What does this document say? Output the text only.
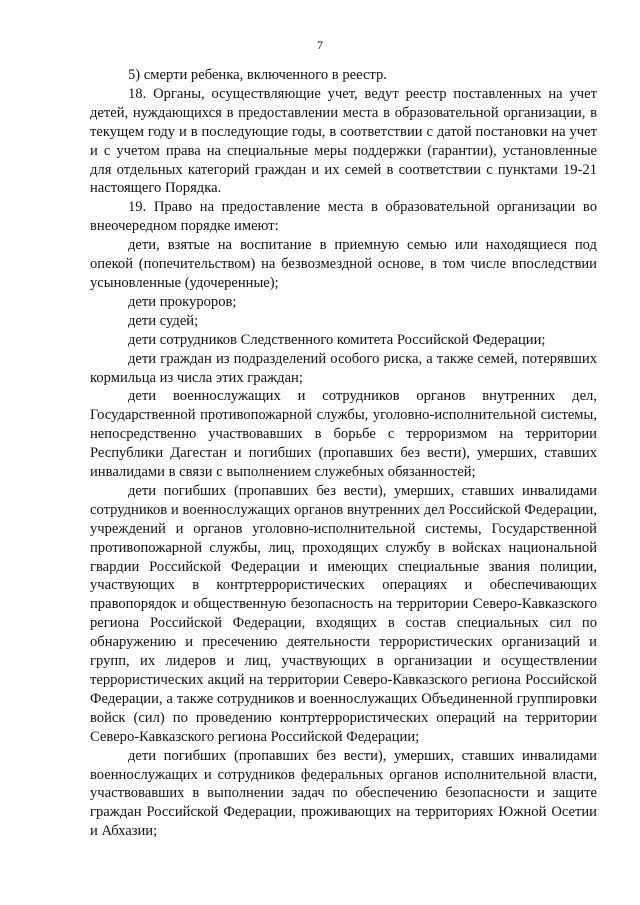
7

5) смерти ребенка, включенного в реестр.

18. Органы, осуществляющие учет, ведут реестр поставленных на учет детей, нуждающихся в предоставлении места в образовательной организации, в текущем году и в последующие годы, в соответствии с датой постановки на учет и с учетом права на специальные меры поддержки (гарантии), установленные для отдельных категорий граждан и их семей в соответствии с пунктами 19-21 настоящего Порядка.

19. Право на предоставление места в образовательной организации во внеочередном порядке имеют:

дети, взятые на воспитание в приемную семью или находящиеся под опекой (попечительством) на безвозмездной основе, в том числе впоследствии усыновленные (удочеренные);

дети прокуроров;

дети судей;

дети сотрудников Следственного комитета Российской Федерации;

дети граждан из подразделений особого риска, а также семей, потерявших кормильца из числа этих граждан;

дети военнослужащих и сотрудников органов внутренних дел, Государственной противопожарной службы, уголовно-исполнительной системы, непосредственно участвовавших в борьбе с терроризмом на территории Республики Дагестан и погибших (пропавших без вести), умерших, ставших инвалидами в связи с выполнением служебных обязанностей;

дети погибших (пропавших без вести), умерших, ставших инвалидами сотрудников и военнослужащих органов внутренних дел Российской Федерации, учреждений и органов уголовно-исполнительной системы, Государственной противопожарной службы, лиц, проходящих службу в войсках национальной гвардии Российской Федерации и имеющих специальные звания полиции, участвующих в контртеррористических операциях и обеспечивающих правопорядок и общественную безопасность на территории Северо-Кавказского региона Российской Федерации, входящих в состав специальных сил по обнаружению и пресечению деятельности террористических организаций и групп, их лидеров и лиц, участвующих в организации и осуществлении террористических акций на территории Северо-Кавказского региона Российской Федерации, а также сотрудников и военнослужащих Объединенной группировки войск (сил) по проведению контртеррористических операций на территории Северо-Кавказского региона Российской Федерации;

дети погибших (пропавших без вести), умерших, ставших инвалидами военнослужащих и сотрудников федеральных органов исполнительной власти, участвовавших в выполнении задач по обеспечению безопасности и защите граждан Российской Федерации, проживающих на территориях Южной Осетии и Абхазии;
